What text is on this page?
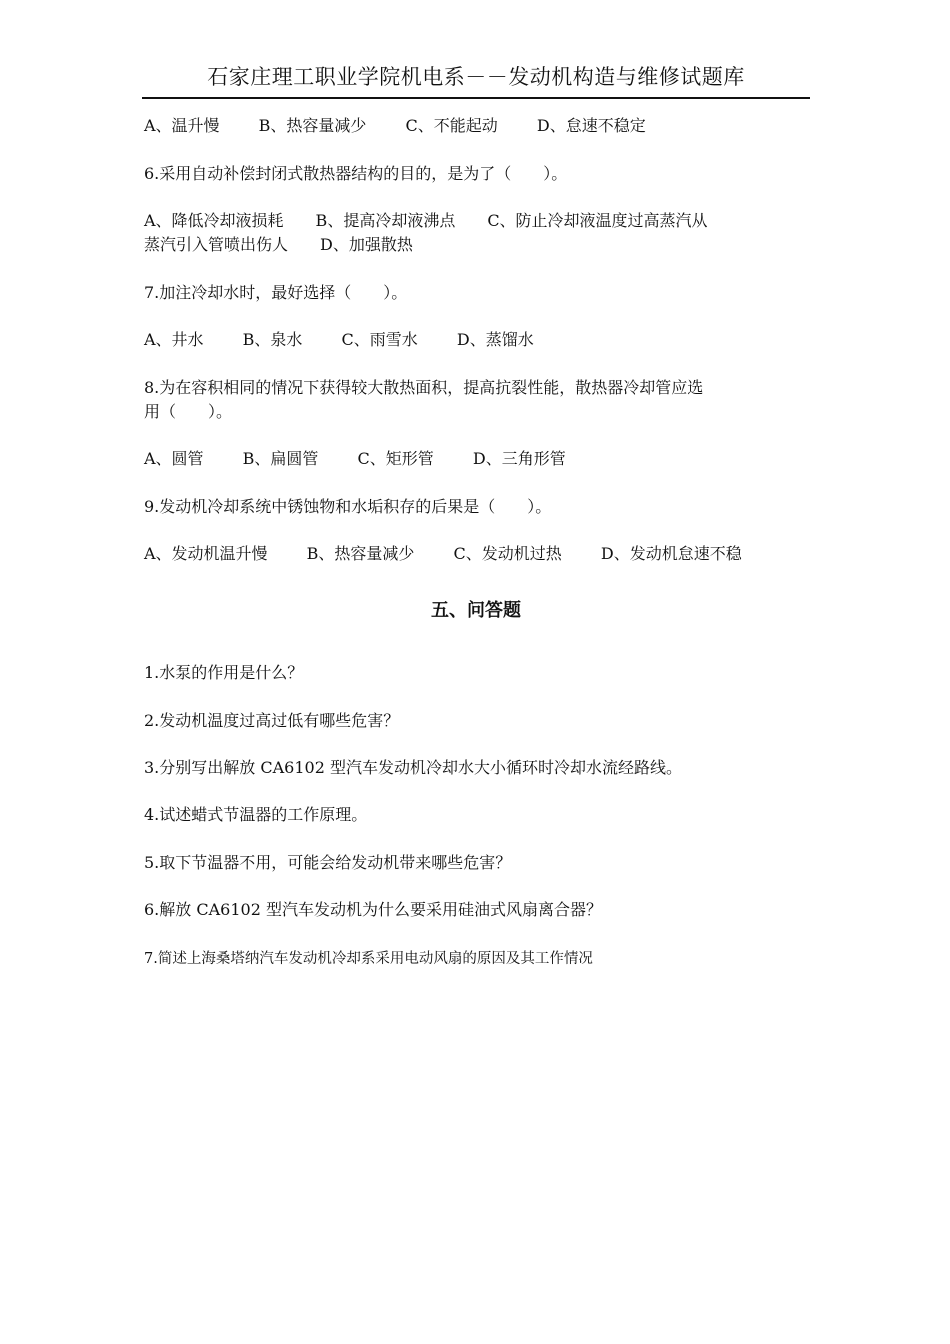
石家庄理工职业学院机电系－－发动机构造与维修试题库
A、温升慢 B、热容量减少 C、不能起动 D、怠速不稳定
6.采用自动补偿封闭式散热器结构的目的，是为了（　　）。
A、降低冷却液损耗　　B、提高冷却液沸点　　C、防止冷却液温度过高蒸汽从
蒸汽引入管喷出伤人　　D、加强散热
7.加注冷却水时，最好选择（　　）。
A、井水 B、泉水 C、雨雪水 D、蒸馏水
8.为在容积相同的情况下获得较大散热面积，提高抗裂性能，散热器冷却管应选
用（　　）。
A、圆管 B、扁圆管 C、矩形管 D、三角形管
9.发动机冷却系统中锈蚀物和水垢积存的后果是（　　）。
A、发动机温升慢 B、热容量减少 C、发动机过热 D、发动机怠速不稳
五、问答题
1.水泵的作用是什么？
2.发动机温度过高过低有哪些危害？
3.分别写出解放 CA6102 型汽车发动机冷却水大小循环时冷却水流经路线。
4.试述蜡式节温器的工作原理。
5.取下节温器不用，可能会给发动机带来哪些危害？
6.解放 CA6102 型汽车发动机为什么要采用硅油式风扇离合器？
7.简述上海桑塔纳汽车发动机冷却系采用电动风扇的原因及其工作情况
